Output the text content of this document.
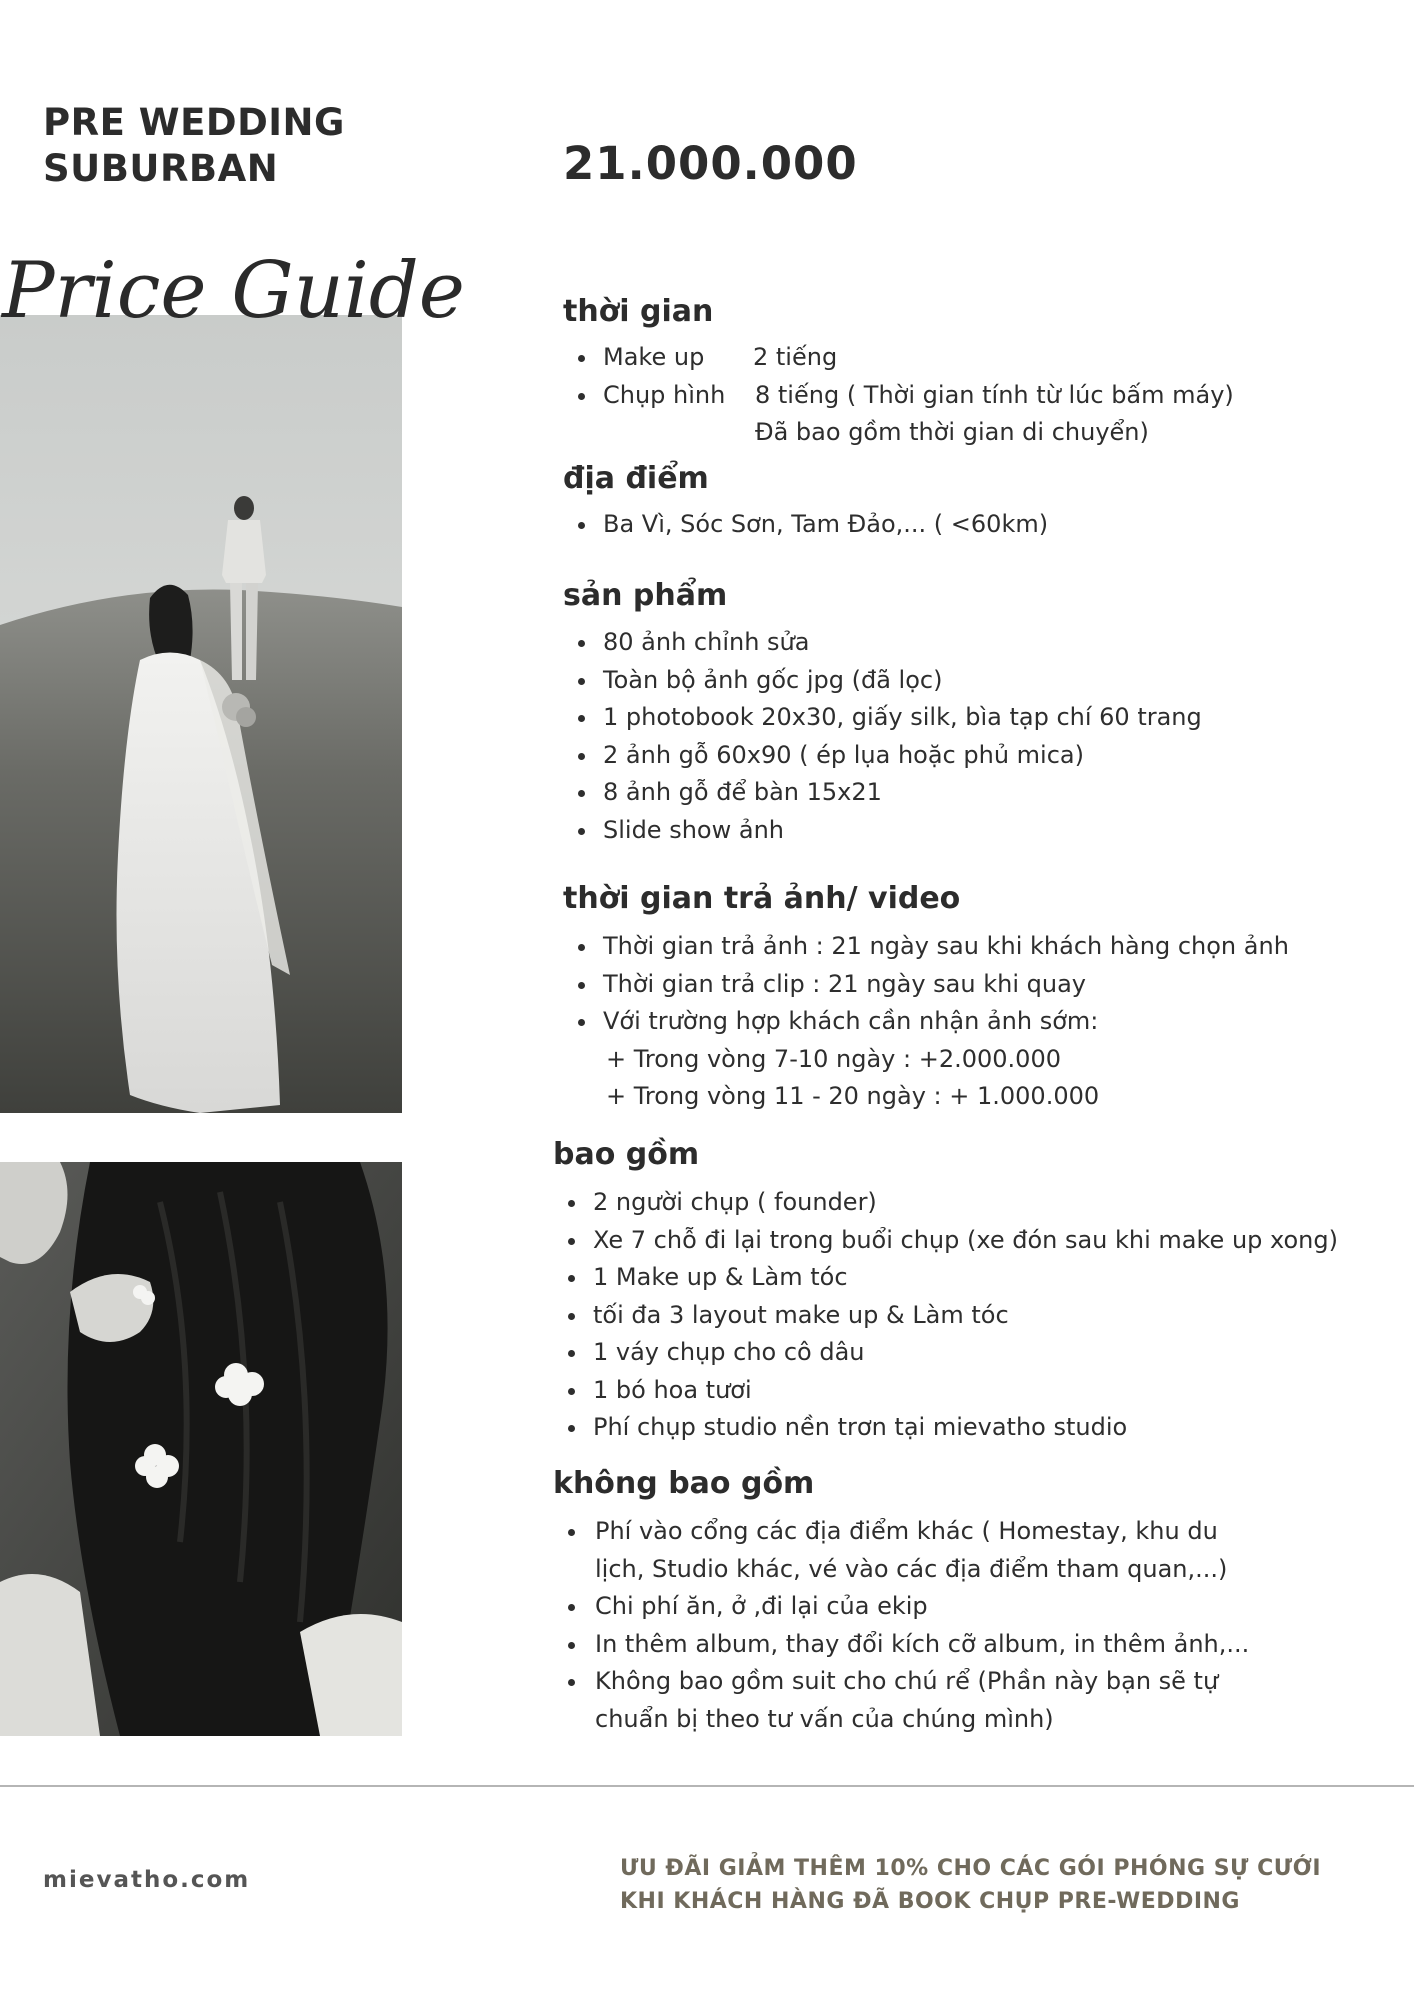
PRE WEDDING
SUBURBAN	21.000.000
Price Guide	thời gian
Make up	2 tiếng
Chụp hình	8 tiếng ( Thời gian tính từ lúc bấm máy)
Đã bao gồm thời gian di chuyển)
địa điểm
Ba Vì, Sóc Sơn, Tam Đảo,... ( <60km)
sản phẩm
80 ảnh chỉnh sửa
Toàn bộ ảnh gốc jpg (đã lọc)
1 photobook 20x30, giấy silk, bìa tạp chí 60 trang
2 ảnh gỗ 60x90 ( ép lụa hoặc phủ mica)
8 ảnh gỗ để bàn 15x21
Slide show ảnh
thời gian trả ảnh/ video
Thời gian trả ảnh : 21 ngày sau khi khách hàng chọn ảnh
Thời gian trả clip : 21 ngày sau khi quay
Với trường hợp khách cần nhận ảnh sớm:
+ Trong vòng 7-10 ngày : +2.000.000
+ Trong vòng 11 - 20 ngày : + 1.000.000
bao gồm
2 người chụp ( founder)
Xe 7 chỗ đi lại trong buổi chụp (xe đón sau khi make up xong)
1 Make up & Làm tóc
tối đa 3 layout make up & Làm tóc
1 váy chụp cho cô dâu
1 bó hoa tươi
Phí chụp studio nền trơn tại mievatho studio
không bao gồm
Phí vào cổng các địa điểm khác ( Homestay, khu du
lịch, Studio khác, vé vào các địa điểm tham quan,...)
Chi phí ăn, ở ,đi lại của ekip
In thêm album, thay đổi kích cỡ album, in thêm ảnh,...
Không bao gồm suit cho chú rể (Phần này bạn sẽ tự
chuẩn bị theo tư vấn của chúng mình)
mievatho.com	ƯU ĐÃI GIẢM THÊM 10% CHO CÁC GÓI PHÓNG SỰ CƯỚI
KHI KHÁCH HÀNG ĐÃ BOOK CHỤP PRE-WEDDING
